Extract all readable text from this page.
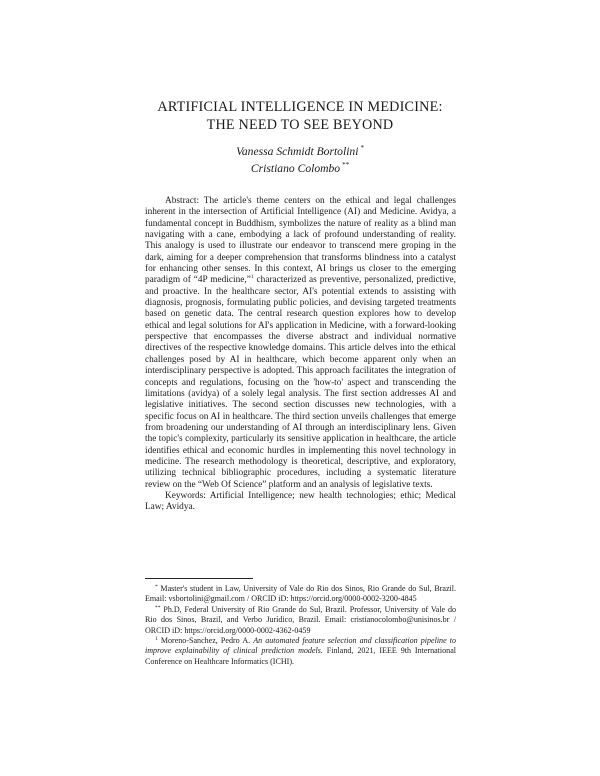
ARTIFICIAL INTELLIGENCE IN MEDICINE:
THE NEED TO SEE BEYOND
Vanessa Schmidt Bortolini *
Cristiano Colombo **

Abstract: The article's theme centers on the ethical and legal challenges inherent in the intersection of Artificial Intelligence (AI) and Medicine. Avidya, a fundamental concept in Buddhism, symbolizes the nature of reality as a blind man navigating with a cane, embodying a lack of profound understanding of reality. This analogy is used to illustrate our endeavor to transcend mere groping in the dark, aiming for a deeper comprehension that transforms blindness into a catalyst for enhancing other senses. In this context, AI brings us closer to the emerging paradigm of “4P medicine,”$^1$ characterized as preventive, personalized, predictive, and proactive. In the healthcare sector, AI's potential extends to assisting with diagnosis, prognosis, formulating public policies, and devising targeted treatments based on genetic data. The central research question explores how to develop ethical and legal solutions for AI's application in Medicine, with a forward-looking perspective that encompasses the diverse abstract and individual normative directives of the respective knowledge domains. This article delves into the ethical challenges posed by AI in healthcare, which become apparent only when an interdisciplinary perspective is adopted. This approach facilitates the integration of concepts and regulations, focusing on the 'how-to' aspect and transcending the limitations (avidya) of a solely legal analysis. The first section addresses AI and legislative initiatives. The second section discusses new technologies, with a specific focus on AI in healthcare. The third section unveils challenges that emerge from broadening our understanding of AI through an interdisciplinary lens. Given the topic's complexity, particularly its sensitive application in healthcare, the article identifies ethical and economic hurdles in implementing this novel technology in medicine. The research methodology is theoretical, descriptive, and exploratory, utilizing technical bibliographic procedures, including a systematic literature review on the “Web Of Science” platform and an analysis of legislative texts.

Keywords: Artificial Intelligence; new health technologies; ethic; Medical Law; Avidya.

* Master's student in Law, University of Vale do Rio dos Sinos, Rio Grande do Sul, Brazil. Email: vsbortolini@gmail.com / ORCID iD: https://orcid.org/0000-0002-3200-4845

** Ph.D, Federal University of Rio Grande do Sul, Brazil. Professor, University of Vale do Rio dos Sinos, Brazil, and Verbo Jurídico, Brazil. Email: cristianocolombo@unisinos.br / ORCID iD: https://orcid.org/0000-0002-4362-0459

$^1$ Moreno-Sanchez, Pedro A. An automated feature selection and classification pipeline to improve explainability of clinical prediction models. Finland, 2021, IEEE 9th International Conference on Healthcare Informatics (ICHI).
